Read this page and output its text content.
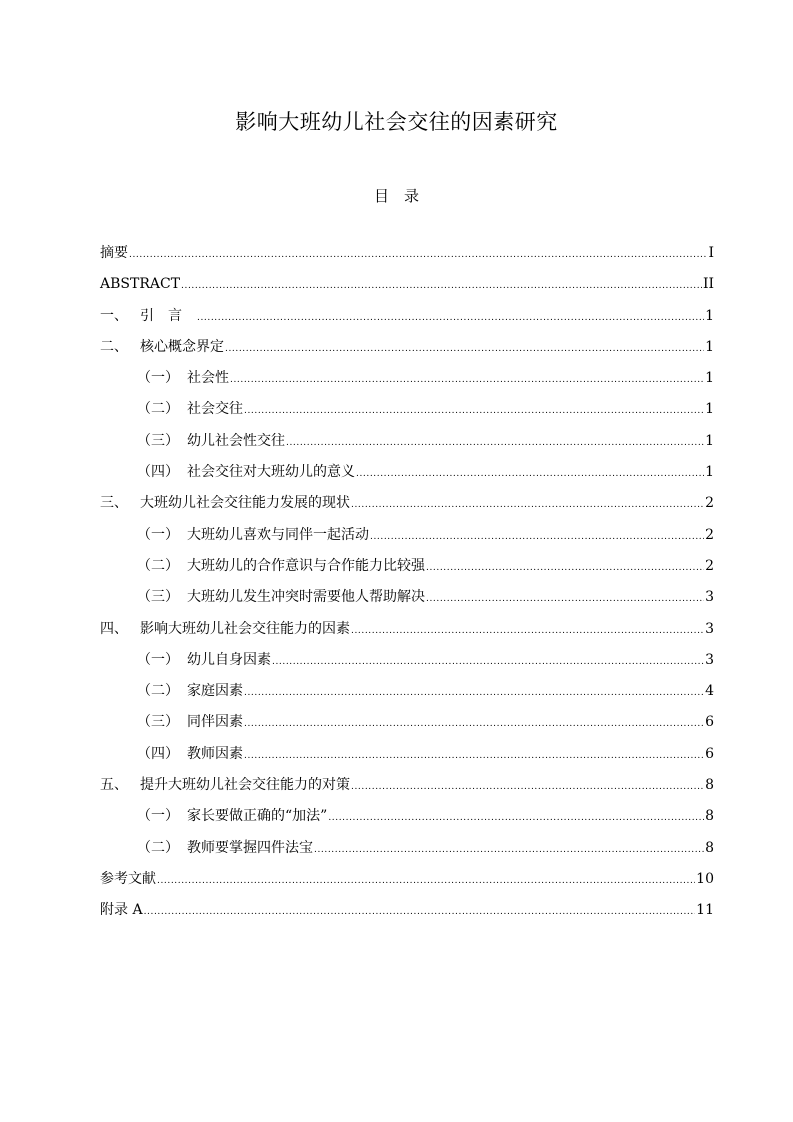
影响大班幼儿社会交往的因素研究
目　录
摘要 .....	I
ABSTRACT .....	II
一、 引言 .....	1
二、 核心概念界定 .....	1
（一） 社会性 .....	1
（二） 社会交往 .....	1
（三） 幼儿社会性交往 .....	1
（四） 社会交往对大班幼儿的意义 .....	1
三、 大班幼儿社会交往能力发展的现状 .....	2
（一） 大班幼儿喜欢与同伴一起活动 .....	2
（二） 大班幼儿的合作意识与合作能力比较强 .....	2
（三） 大班幼儿发生冲突时需要他人帮助解决 .....	3
四、 影响大班幼儿社会交往能力的因素 .....	3
（一） 幼儿自身因素 .....	3
（二） 家庭因素 .....	4
（三） 同伴因素 .....	6
（四） 教师因素 .....	6
五、 提升大班幼儿社会交往能力的对策 .....	8
（一） 家长要做正确的“加法” .....	8
（二） 教师要掌握四件法宝 .....	8
参考文献 .....	10
附录 A .....	11
